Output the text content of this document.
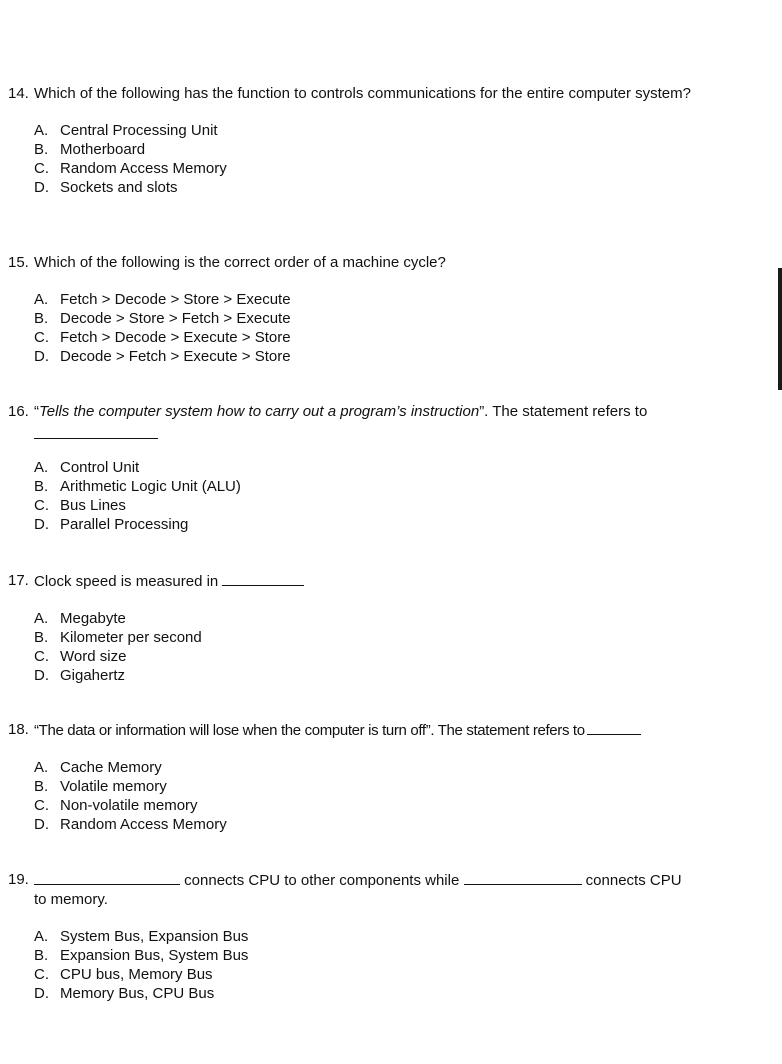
14. Which of the following has the function to controls communications for the entire computer system?
A. Central Processing Unit
B. Motherboard
C. Random Access Memory
D. Sockets and slots
15. Which of the following is the correct order of a machine cycle?
A. Fetch > Decode > Store > Execute
B. Decode > Store > Fetch > Execute
C. Fetch > Decode > Execute > Store
D. Decode > Fetch > Execute > Store
16. “Tells the computer system how to carry out a program’s instruction”. The statement refers to
A. Control Unit
B. Arithmetic Logic Unit (ALU)
C. Bus Lines
D. Parallel Processing
17. Clock speed is measured in
A. Megabyte
B. Kilometer per second
C. Word size
D. Gigahertz
18. “The data or information will lose when the computer is turn off”. The statement refers to
A. Cache Memory
B. Volatile memory
C. Non-volatile memory
D. Random Access Memory
19.	connects CPU to other components while	connects CPU
to memory.
A. System Bus, Expansion Bus
B. Expansion Bus, System Bus
C. CPU bus, Memory Bus
D. Memory Bus, CPU Bus
